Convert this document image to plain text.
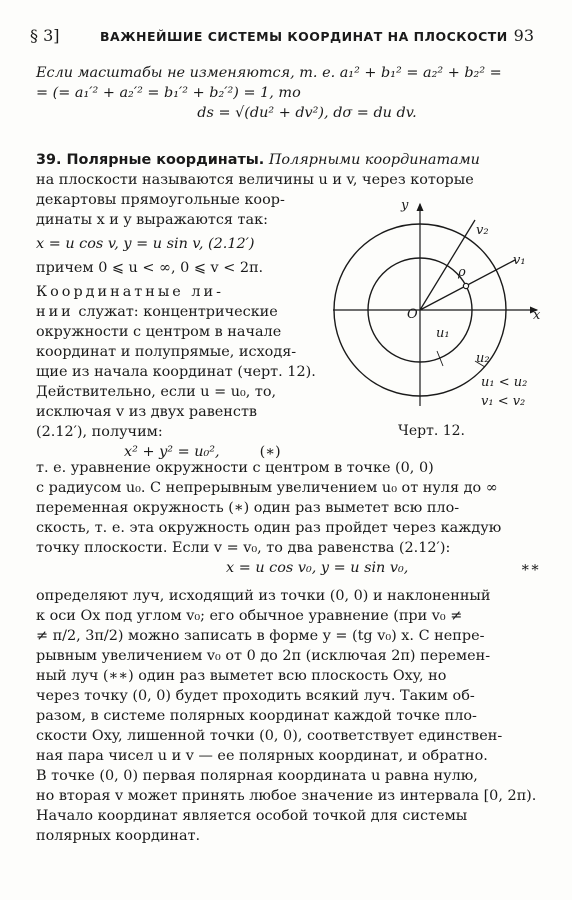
§ 3]	ВАЖНЕЙШИЕ СИСТЕМЫ КООРДИНАТ НА ПЛОСКОСТИ 93
Если масштабы не изменяются, т. е. a₁² + b₁² = a₂² + b₂² =
= (= a₁′² + a₂′² = b₁′² + b₂′²) = 1, то
ds = √(du² + dv²), dσ = du dv.
39. Полярные координаты. Полярными координатами
на плоскости называются величины u и v, через которые
декартовы прямоугольные коор-
динаты x и y выражаются так:
x = u cos v, y = u sin v, (2.12′)
причем 0 ⩽ u < ∞, 0 ⩽ v < 2π.
Координатные ли-
нии служат: концентрические
окружности с центром в начале
координат и полупрямые, исходя-
щие из начала координат (черт. 12).
Действительно, если u = u₀, то,
исключая v из двух равенств
(2.12′), получим:
x² + y² = u₀²,	(∗)
y
x
O
ρ
v₂
v₁
u₁
u₂
u₁ < u₂
v₁ < v₂
Черт. 12.
т. е. уравнение окружности с центром в точке (0, 0)
с радиусом u₀. С непрерывным увеличением u₀ от нуля до ∞
переменная окружность (∗) один раз выметет всю пло-
скость, т. е. эта окружность один раз пройдет через каждую
точку плоскости. Если v = v₀, то два равенства (2.12′):
x = u cos v₀, y = u sin v₀,	∗∗
определяют луч, исходящий из точки (0, 0) и наклоненный
к оси Ox под углом v₀; его обычное уравнение (при v₀ ≠
≠ π/2, 3π/2) можно записать в форме y = (tg v₀) x. С непре-
рывным увеличением v₀ от 0 до 2π (исключая 2π) перемен-
ный луч (∗∗) один раз выметет всю плоскость Oxy, но
через точку (0, 0) будет проходить всякий луч. Таким об-
разом, в системе полярных координат каждой точке пло-
скости Oxy, лишенной точки (0, 0), соответствует единствен-
ная пара чисел u и v — ее полярных координат, и обратно.
В точке (0, 0) первая полярная координата u равна нулю,
но вторая v может принять любое значение из интервала [0, 2π).
Начало координат является особой точкой для системы
полярных координат.
